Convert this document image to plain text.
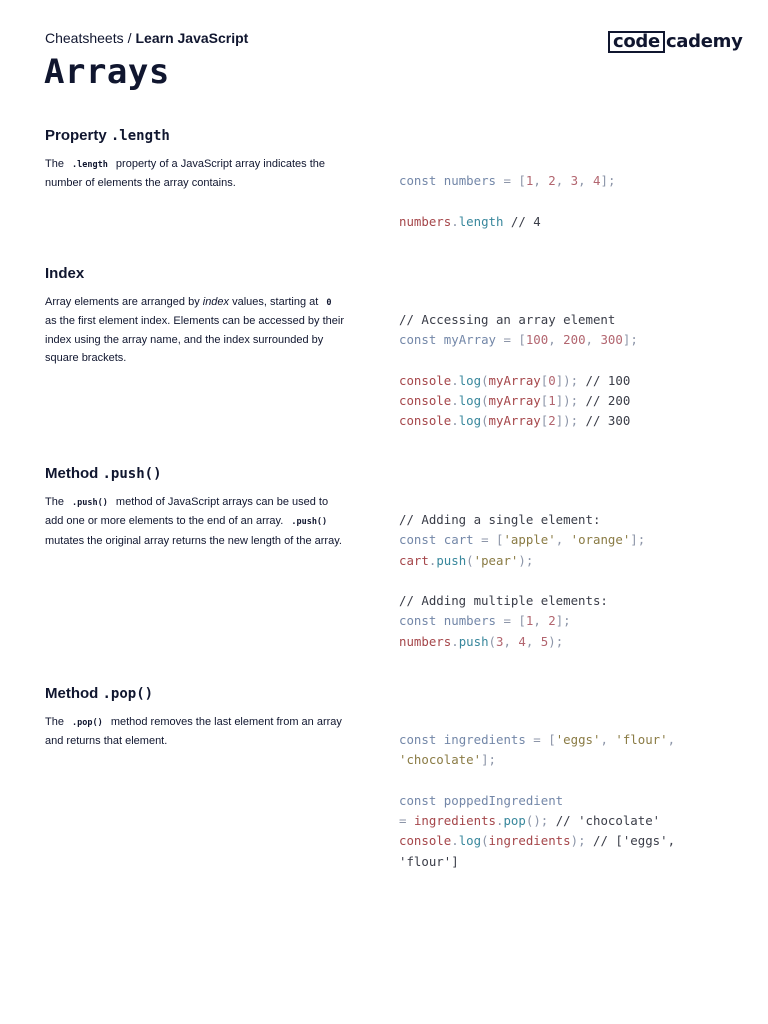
Cheatsheets / Learn JavaScript	code cademy
Arrays
Property .length

The .length property of a JavaScript array indicates the number of elements the array contains.	const numbers = [1, 2, 3, 4];
numbers.length // 4
Index

Array elements are arranged by index values, starting at 0 as the first element index. Elements can be accessed by their index using the array name, and the index surrounded by square brackets.

// Accessing an array element
const myArray = [100, 200, 300];
console.log(myArray[0]); // 100
console.log(myArray[1]); // 200
console.log(myArray[2]); // 300
Method .push()

The .push() method of JavaScript arrays can be used to add one or more elements to the end of an array. .push() mutates the original array returns the new length of the array.

// Adding a single element:
const cart = ['apple', 'orange'];
cart.push('pear');
// Adding multiple elements:
const numbers = [1, 2];
numbers.push(3, 4, 5);
Method .pop()

The .pop() method removes the last element from an array and returns that element.	const ingredients = ['eggs', 'flour',
'chocolate'];
const poppedIngredient
= ingredients.pop(); // 'chocolate'
console.log(ingredients); // ['eggs',
'flour']
